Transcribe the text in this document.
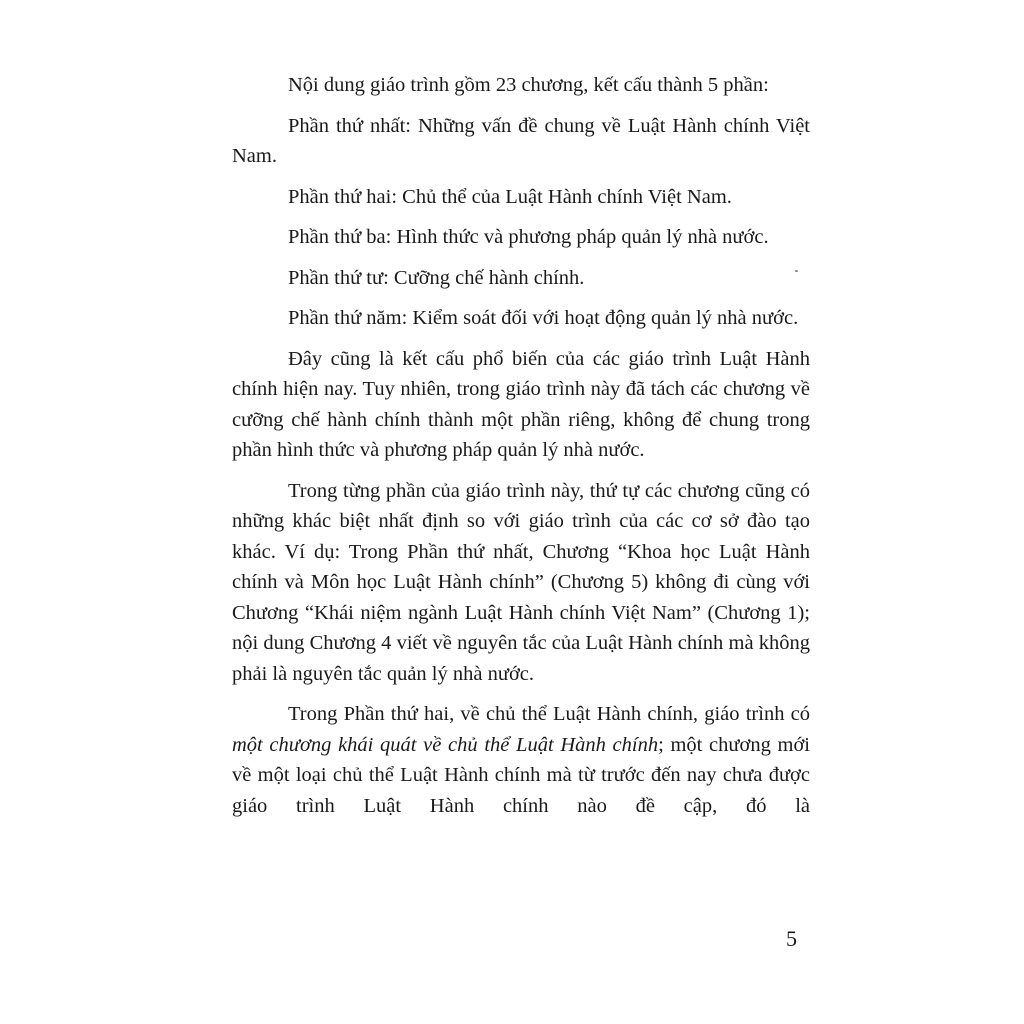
Nội dung giáo trình gồm 23 chương, kết cấu thành 5 phần:

Phần thứ nhất: Những vấn đề chung về Luật Hành chính Việt Nam.

Phần thứ hai: Chủ thể của Luật Hành chính Việt Nam.

Phần thứ ba: Hình thức và phương pháp quản lý nhà nước.

Phần thứ tư: Cưỡng chế hành chính.

Phần thứ năm: Kiểm soát đối với hoạt động quản lý nhà nước.

Đây cũng là kết cấu phổ biến của các giáo trình Luật Hành chính hiện nay. Tuy nhiên, trong giáo trình này đã tách các chương về cưỡng chế hành chính thành một phần riêng, không để chung trong phần hình thức và phương pháp quản lý nhà nước.

Trong từng phần của giáo trình này, thứ tự các chương cũng có những khác biệt nhất định so với giáo trình của các cơ sở đào tạo khác. Ví dụ: Trong Phần thứ nhất, Chương “Khoa học Luật Hành chính và Môn học Luật Hành chính” (Chương 5) không đi cùng với Chương “Khái niệm ngành Luật Hành chính Việt Nam” (Chương 1); nội dung Chương 4 viết về nguyên tắc của Luật Hành chính mà không phải là nguyên tắc quản lý nhà nước.

Trong Phần thứ hai, về chủ thể Luật Hành chính, giáo trình có một chương khái quát về chủ thể Luật Hành chính; một chương mới về một loại chủ thể Luật Hành chính mà từ trước đến nay chưa được giáo trình Luật Hành chính nào đề cập, đó là

5
